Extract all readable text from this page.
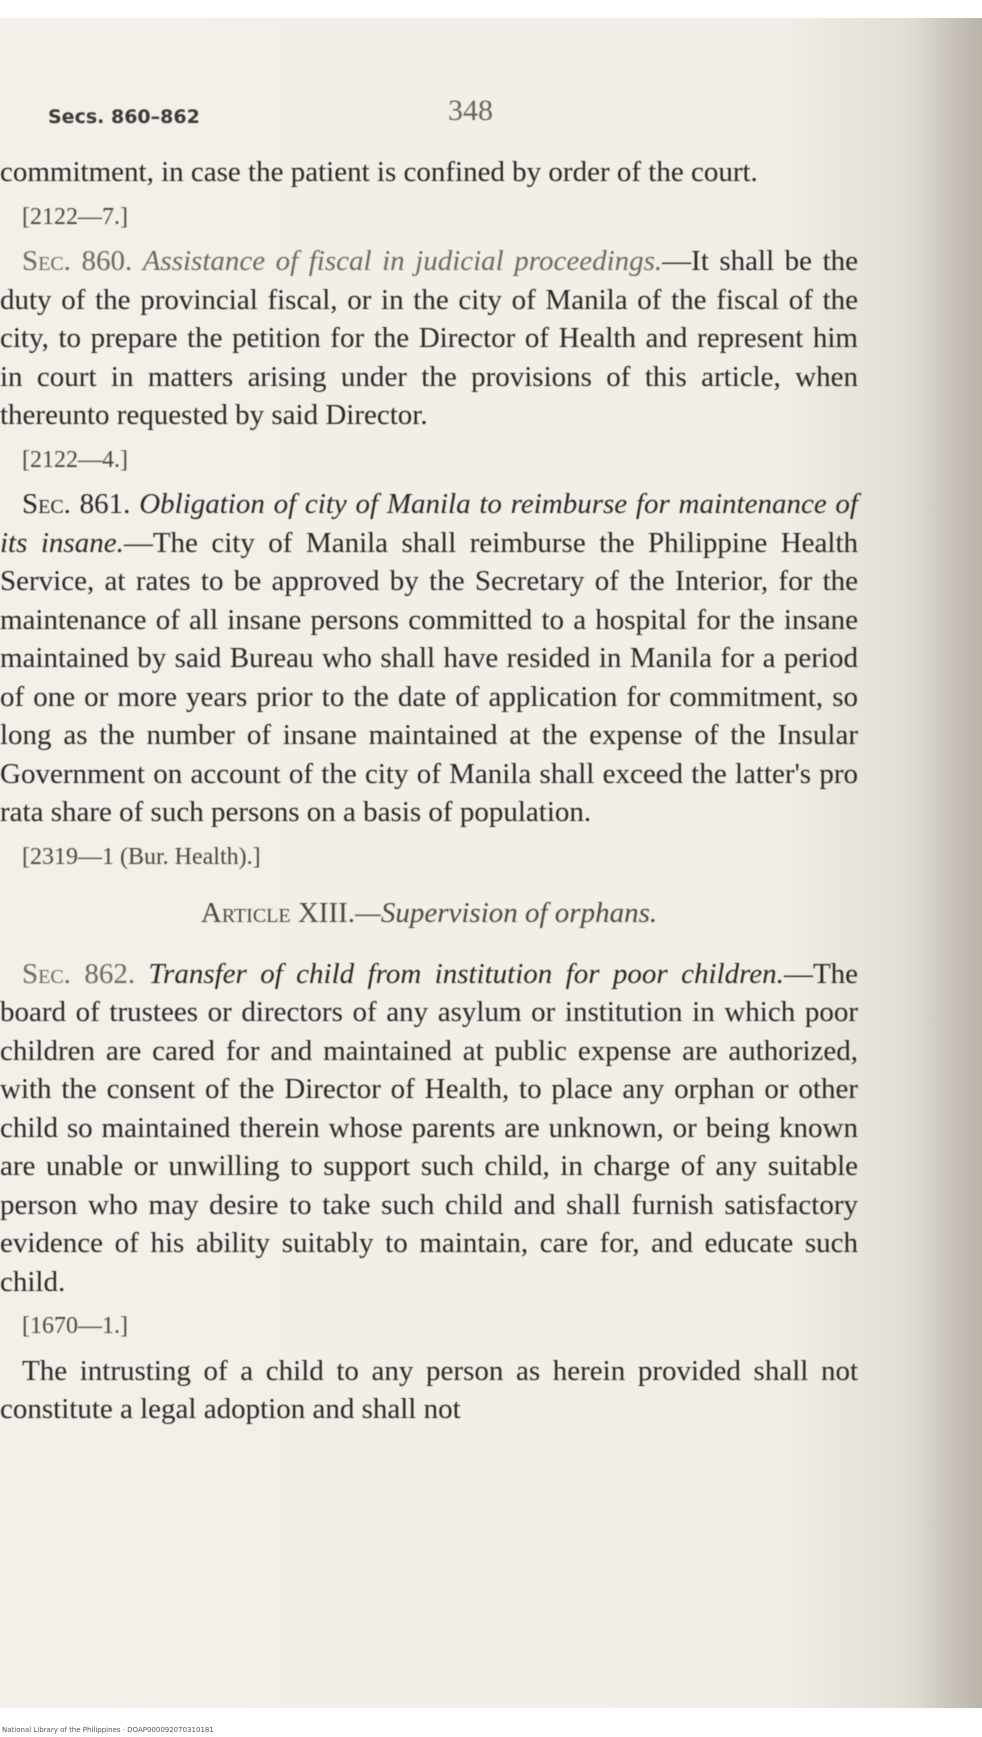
Secs. 860–862	348

commitment, in case the patient is confined by order of the court.

[2122—7.]

Sec. 860. Assistance of fiscal in judicial proceedings.—It shall be the duty of the provincial fiscal, or in the city of Manila of the fiscal of the city, to prepare the petition for the Director of Health and represent him in court in matters arising under the provisions of this article, when thereunto requested by said Director.

[2122—4.]

Sec. 861. Obligation of city of Manila to reimburse for maintenance of its insane.—The city of Manila shall reimburse the Philippine Health Service, at rates to be approved by the Secretary of the Interior, for the maintenance of all insane persons committed to a hospital for the insane maintained by said Bureau who shall have resided in Manila for a period of one or more years prior to the date of application for commitment, so long as the number of insane maintained at the expense of the Insular Government on account of the city of Manila shall exceed the latter's pro rata share of such persons on a basis of population.

[2319—1 (Bur. Health).]

Article XIII.—Supervision of orphans.

Sec. 862. Transfer of child from institution for poor children.—The board of trustees or directors of any asylum or institution in which poor children are cared for and maintained at public expense are authorized, with the consent of the Director of Health, to place any orphan or other child so maintained therein whose parents are unknown, or being known are unable or unwilling to support such child, in charge of any suitable person who may desire to take such child and shall furnish satisfactory evidence of his ability suitably to maintain, care for, and educate such child.

[1670—1.]

The intrusting of a child to any person as herein provided shall not constitute a legal adoption and shall not

National Library of the Philippines · DOAP000092070310181
